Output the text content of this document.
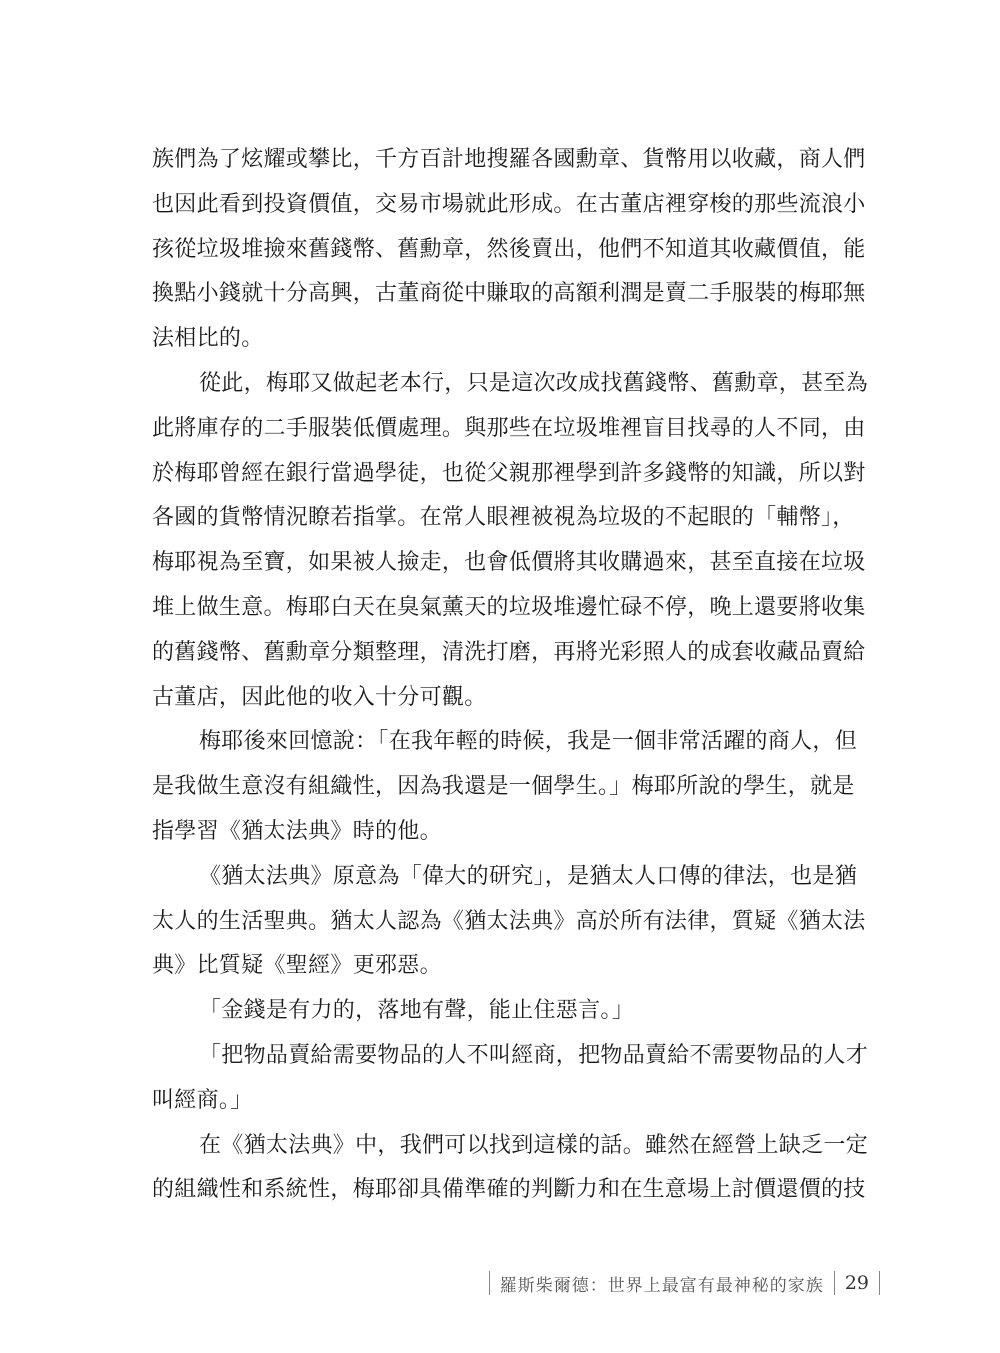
族們為了炫耀或攀比，千方百計地搜羅各國勳章、貨幣用以收藏，商人們
也因此看到投資價值，交易市場就此形成。在古董店裡穿梭的那些流浪小
孩從垃圾堆撿來舊錢幣、舊勳章，然後賣出，他們不知道其收藏價值，能
換點小錢就十分高興，古董商從中賺取的高額利潤是賣二手服裝的梅耶無
法相比的。
從此，梅耶又做起老本行，只是這次改成找舊錢幣、舊勳章，甚至為
此將庫存的二手服裝低價處理。與那些在垃圾堆裡盲目找尋的人不同，由
於梅耶曾經在銀行當過學徒，也從父親那裡學到許多錢幣的知識，所以對
各國的貨幣情況瞭若指掌。在常人眼裡被視為垃圾的不起眼的「輔幣」，
梅耶視為至寶，如果被人撿走，也會低價將其收購過來，甚至直接在垃圾
堆上做生意。梅耶白天在臭氣薰天的垃圾堆邊忙碌不停，晚上還要將收集
的舊錢幣、舊勳章分類整理，清洗打磨，再將光彩照人的成套收藏品賣給
古董店，因此他的收入十分可觀。
梅耶後來回憶說：「在我年輕的時候，我是一個非常活躍的商人，但
是我做生意沒有組織性，因為我還是一個學生。」梅耶所說的學生，就是
指學習《猶太法典》時的他。
《猶太法典》原意為「偉大的研究」，是猶太人口傳的律法，也是猶
太人的生活聖典。猶太人認為《猶太法典》高於所有法律，質疑《猶太法
典》比質疑《聖經》更邪惡。
「金錢是有力的，落地有聲，能止住惡言。」
「把物品賣給需要物品的人不叫經商，把物品賣給不需要物品的人才
叫經商。」
在《猶太法典》中，我們可以找到這樣的話。雖然在經營上缺乏一定
的組織性和系統性，梅耶卻具備準確的判斷力和在生意場上討價還價的技
羅斯柴爾德：世界上最富有最神秘的家族 29
